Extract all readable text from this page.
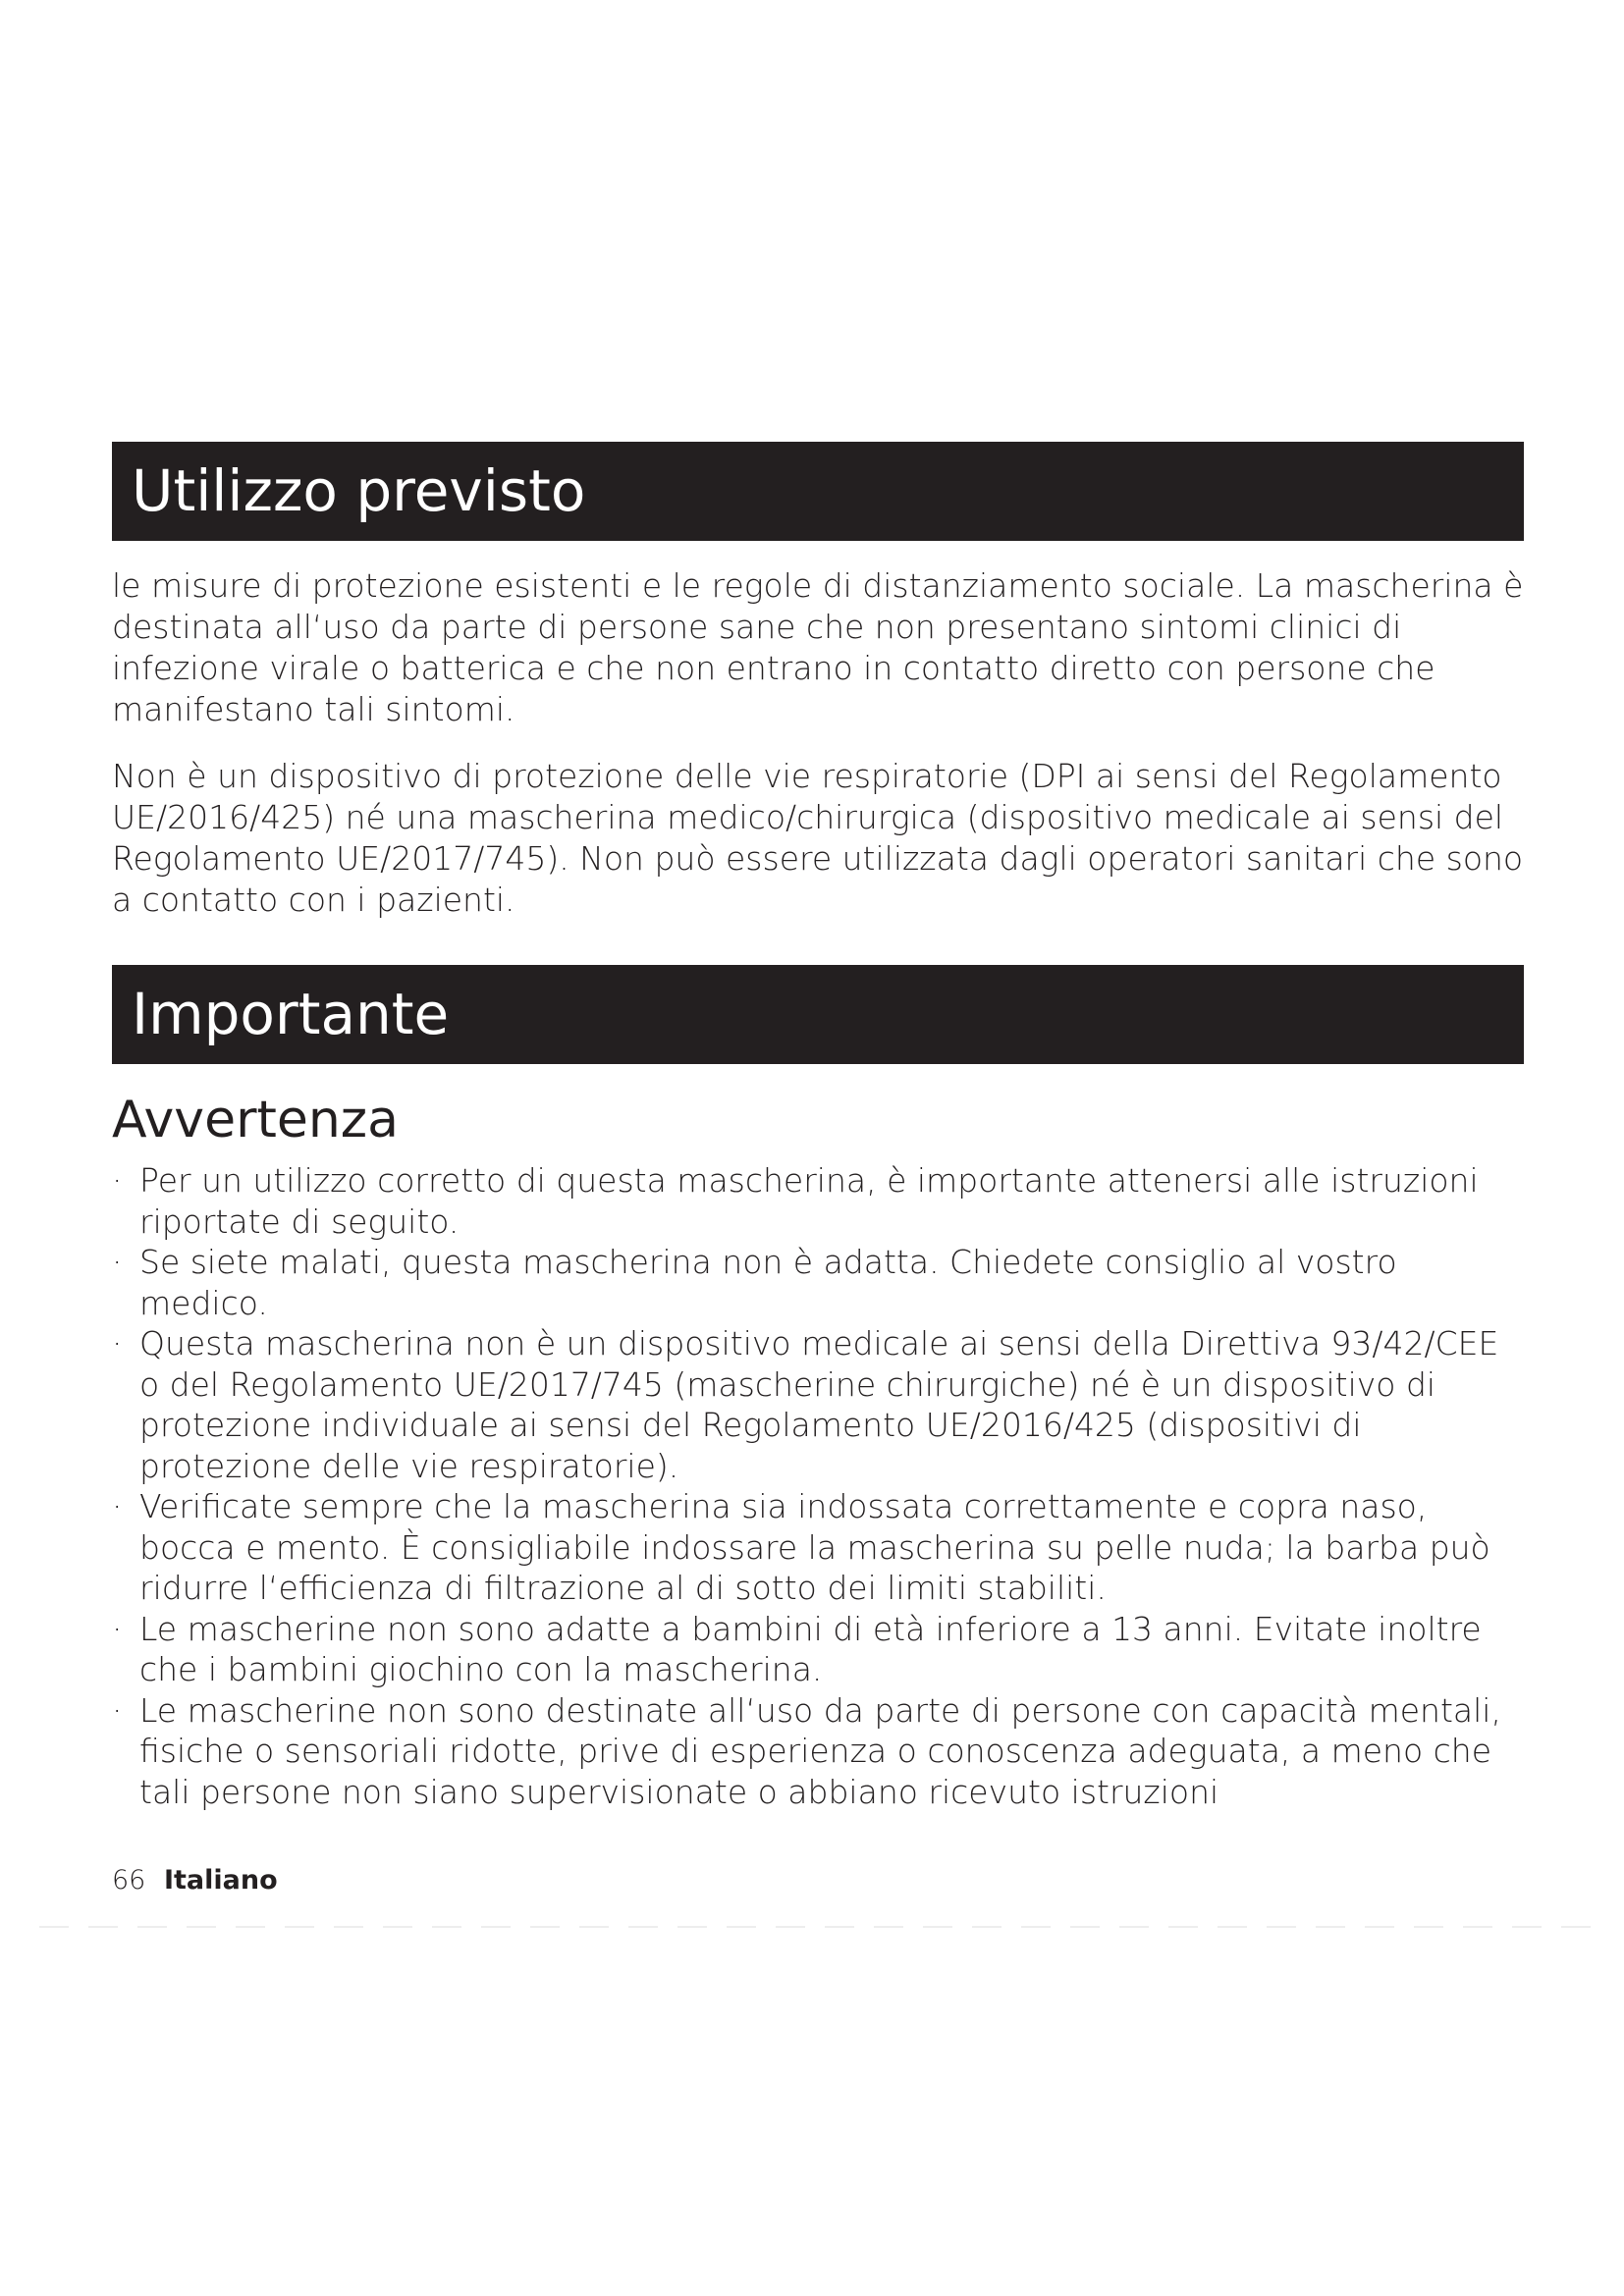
Utilizzo previsto

le misure di protezione esistenti e le regole di distanziamento sociale. La mascherina è destinata all‘uso da parte di persone sane che non presentano sintomi clinici di infezione virale o batterica e che non entrano in contatto diretto con persone che manifestano tali sintomi.

Non è un dispositivo di protezione delle vie respiratorie (DPI ai sensi del Regolamento UE/2016/425) né una mascherina medico/chirurgica (dispositivo medicale ai sensi del Regolamento UE/2017/745). Non può essere utilizzata dagli operatori sanitari che sono a contatto con i pazienti.

Importante
Avvertenza
· Per un utilizzo corretto di questa mascherina, è importante attenersi alle istruzioni riportate di seguito.
· Se siete malati, questa mascherina non è adatta. Chiedete consiglio al vostro medico.
· Questa mascherina non è un dispositivo medicale ai sensi della Direttiva 93/42/CEE o del Regolamento UE/2017/745 (mascherine chirurgiche) né è un dispositivo di protezione individuale ai sensi del Regolamento UE/2016/425 (dispositivi di protezione delle vie respiratorie).
· Verificate sempre che la mascherina sia indossata correttamente e copra naso, bocca e mento. È consigliabile indossare la mascherina su pelle nuda; la barba può ridurre l‘efficienza di filtrazione al di sotto dei limiti stabiliti.
· Le mascherine non sono adatte a bambini di età inferiore a 13 anni. Evitate inoltre che i bambini giochino con la mascherina.
· Le mascherine non sono destinate all‘uso da parte di persone con capacità mentali, fisiche o sensoriali ridotte, prive di esperienza o conoscenza adeguata, a meno che tali persone non siano supervisionate o abbiano ricevuto istruzioni
66 Italiano
